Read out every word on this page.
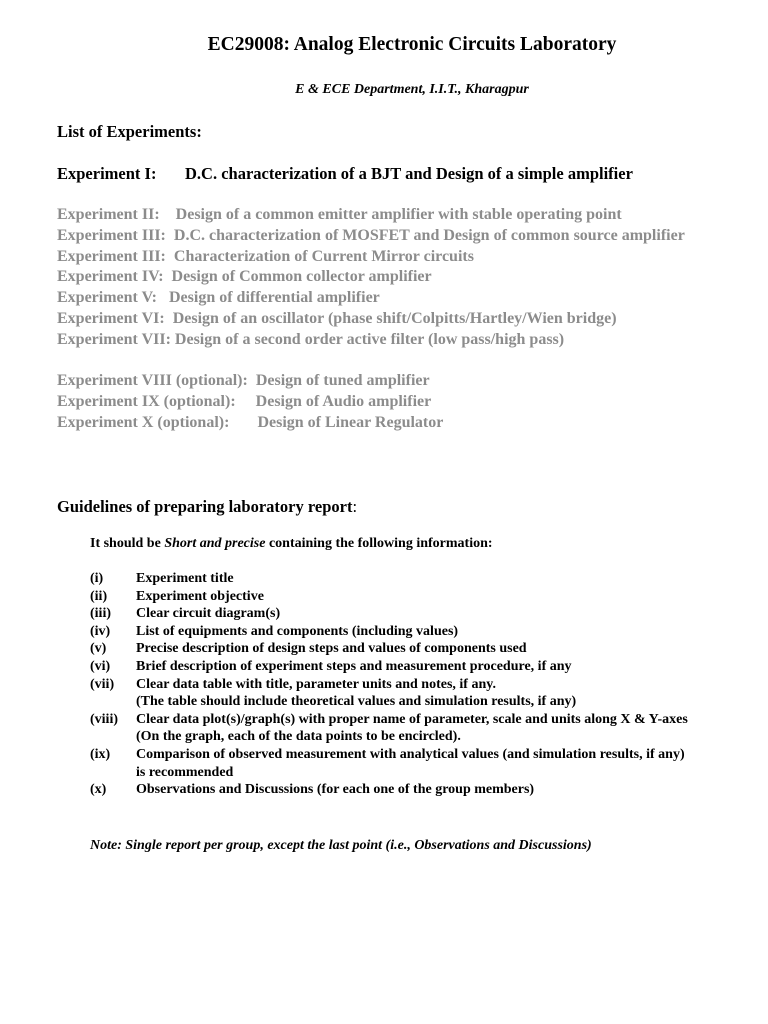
EC29008: Analog Electronic Circuits Laboratory
E & ECE Department, I.I.T., Kharagpur
List of Experiments:
Experiment I: D.C. characterization of a BJT and Design of a simple amplifier
Experiment II: Design of a common emitter amplifier with stable operating point
Experiment III: D.C. characterization of MOSFET and Design of common source amplifier
Experiment III: Characterization of Current Mirror circuits
Experiment IV: Design of Common collector amplifier
Experiment V: Design of differential amplifier
Experiment VI: Design of an oscillator (phase shift/Colpitts/Hartley/Wien bridge)
Experiment VII: Design of a second order active filter (low pass/high pass)
Experiment VIII (optional): Design of tuned amplifier
Experiment IX (optional): Design of Audio amplifier
Experiment X (optional): Design of Linear Regulator
Guidelines of preparing laboratory report:
It should be Short and precise containing the following information:
(i)	Experiment title
(ii)	Experiment objective
(iii)	Clear circuit diagram(s)
(iv)	List of equipments and components (including values)
(v)	Precise description of design steps and values of components used
(vi)	Brief description of experiment steps and measurement procedure, if any
(vii)	Clear data table with title, parameter units and notes, if any.
(The table should include theoretical values and simulation results, if any)
(viii)	Clear data plot(s)/graph(s) with proper name of parameter, scale and units along X & Y-axes
(On the graph, each of the data points to be encircled).
(ix)	Comparison of observed measurement with analytical values (and simulation results, if any)
is recommended
(x)	Observations and Discussions (for each one of the group members)
Note: Single report per group, except the last point (i.e., Observations and Discussions)
